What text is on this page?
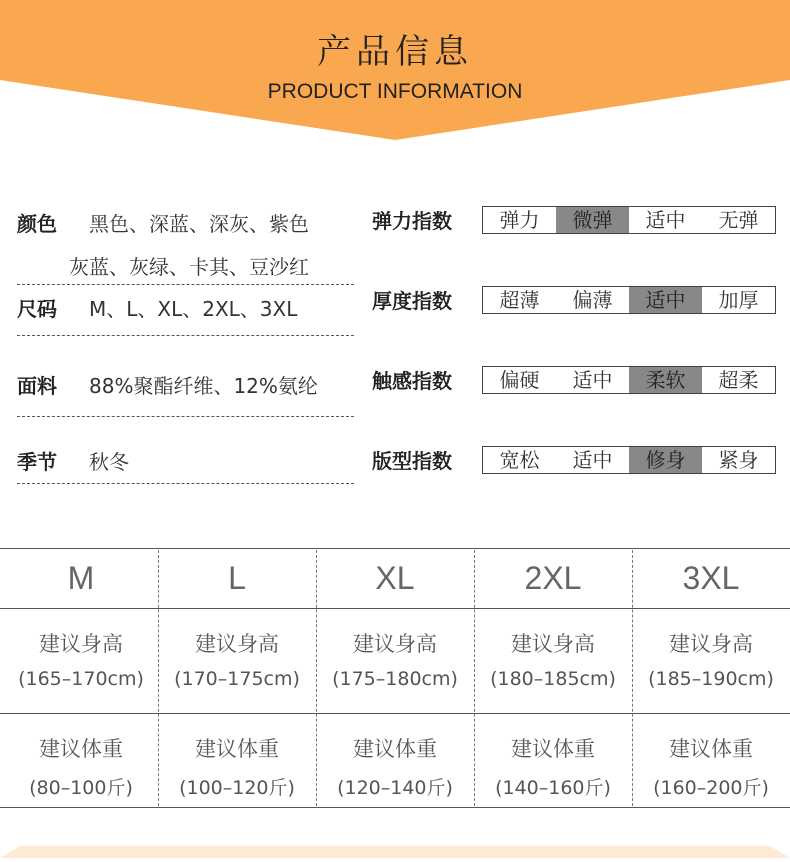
产品信息
PRODUCT INFORMATION
颜色 黑色、深蓝、深灰、紫色
灰蓝、灰绿、卡其、豆沙红
尺码 M、L、XL、2XL、3XL
面料 88%聚酯纤维、12%氨纶
季节 秋冬
弹力指数	弹力	微弹	适中	无弹
厚度指数	超薄	偏薄	适中	加厚
触感指数	偏硬	适中	柔软	超柔
版型指数	宽松	适中	修身	紧身
M	L	XL	2XL	3XL
建议身高	建议身高	建议身高	建议身高	建议身高
(165–170cm)	(170–175cm)	(175–180cm)	(180–185cm)	(185–190cm)
建议体重	建议体重	建议体重	建议体重	建议体重
(80–100斤)	(100–120斤)	(120–140斤)	(140–160斤)	(160–200斤)
